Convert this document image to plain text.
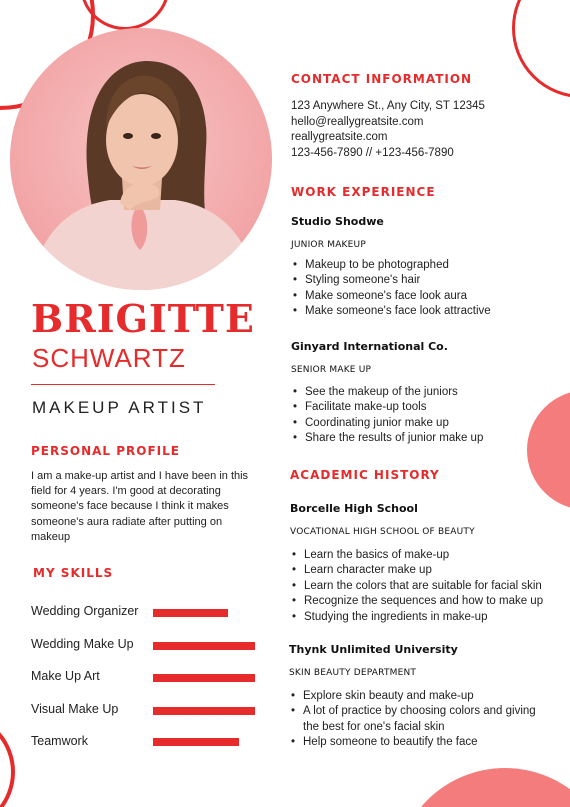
BRIGITTE
SCHWARTZ
MAKEUP ARTIST
PERSONAL PROFILE
I am a make-up artist and I have been in this field for 4 years. I'm good at decorating someone's face because I think it makes someone's aura radiate after putting on makeup
MY SKILLS
Wedding Organizer
Wedding Make Up
Make Up Art
Visual Make Up
Teamwork
CONTACT INFORMATION
123 Anywhere St., Any City, ST 12345
hello@reallygreatsite.com
reallygreatsite.com
123-456-7890 // +123-456-7890
WORK EXPERIENCE
Studio Shodwe
JUNIOR MAKEUP
• Makeup to be photographed
• Styling someone's hair
• Make someone's face look aura
• Make someone's face look attractive
Ginyard International Co.
SENIOR MAKE UP
• See the makeup of the juniors
• Facilitate make-up tools
• Coordinating junior make up
• Share the results of junior make up
ACADEMIC HISTORY
Borcelle High School
VOCATIONAL HIGH SCHOOL OF BEAUTY
• Learn the basics of make-up
• Learn character make up
• Learn the colors that are suitable for facial skin
• Recognize the sequences and how to make up
• Studying the ingredients in make-up
Thynk Unlimited University
SKIN BEAUTY DEPARTMENT
• Explore skin beauty and make-up
• A lot of practice by choosing colors and giving the best for one's facial skin
• Help someone to beautify the face
